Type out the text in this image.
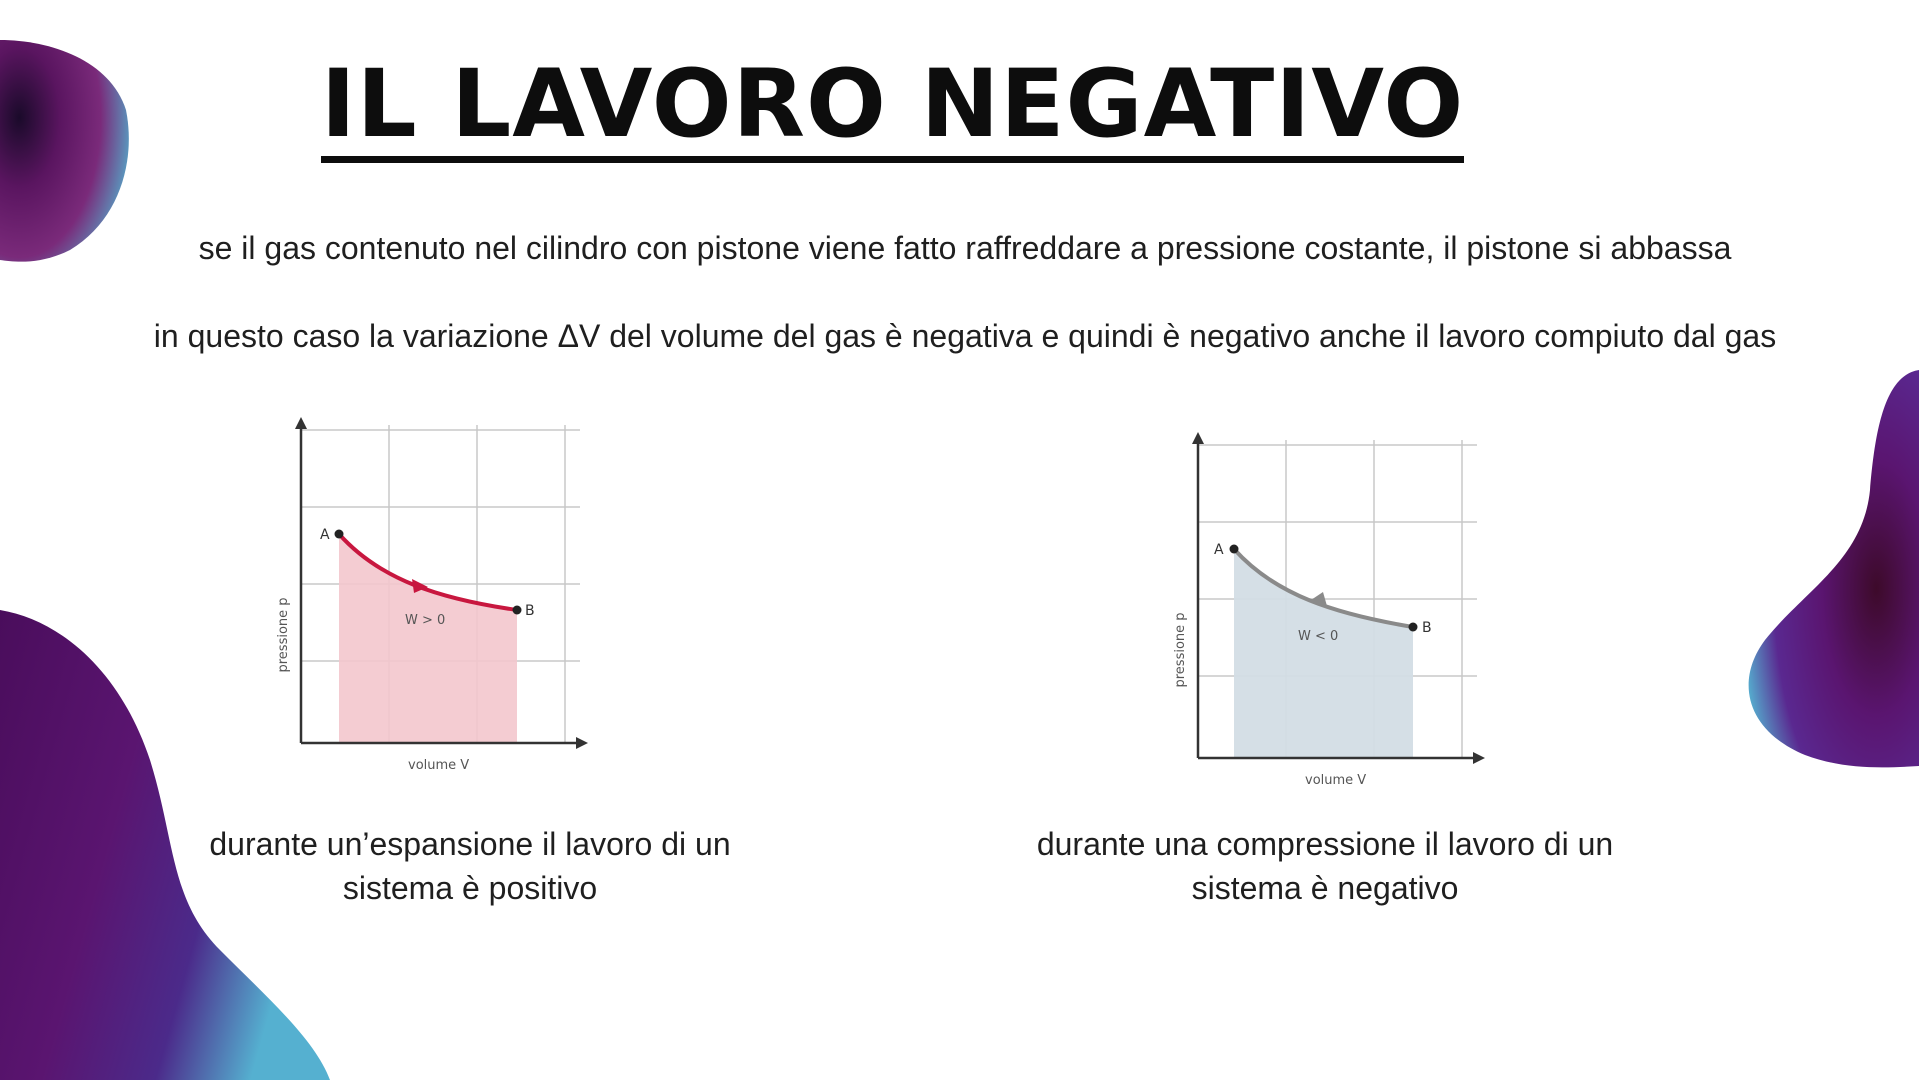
IL LAVORO NEGATIVO
se il gas contenuto nel cilindro con pistone viene fatto raffreddare a pressione costante, il pistone si abbassa
in questo caso la variazione ΔV del volume del gas è negativa e quindi è negativo anche il lavoro compiuto dal gas
A
B
W > 0
volume V
pressione p
A
B
W < 0
volume V
pressione p
durante un’espansione il lavoro di un
sistema è positivo
durante una compressione il lavoro di un
sistema è negativo
